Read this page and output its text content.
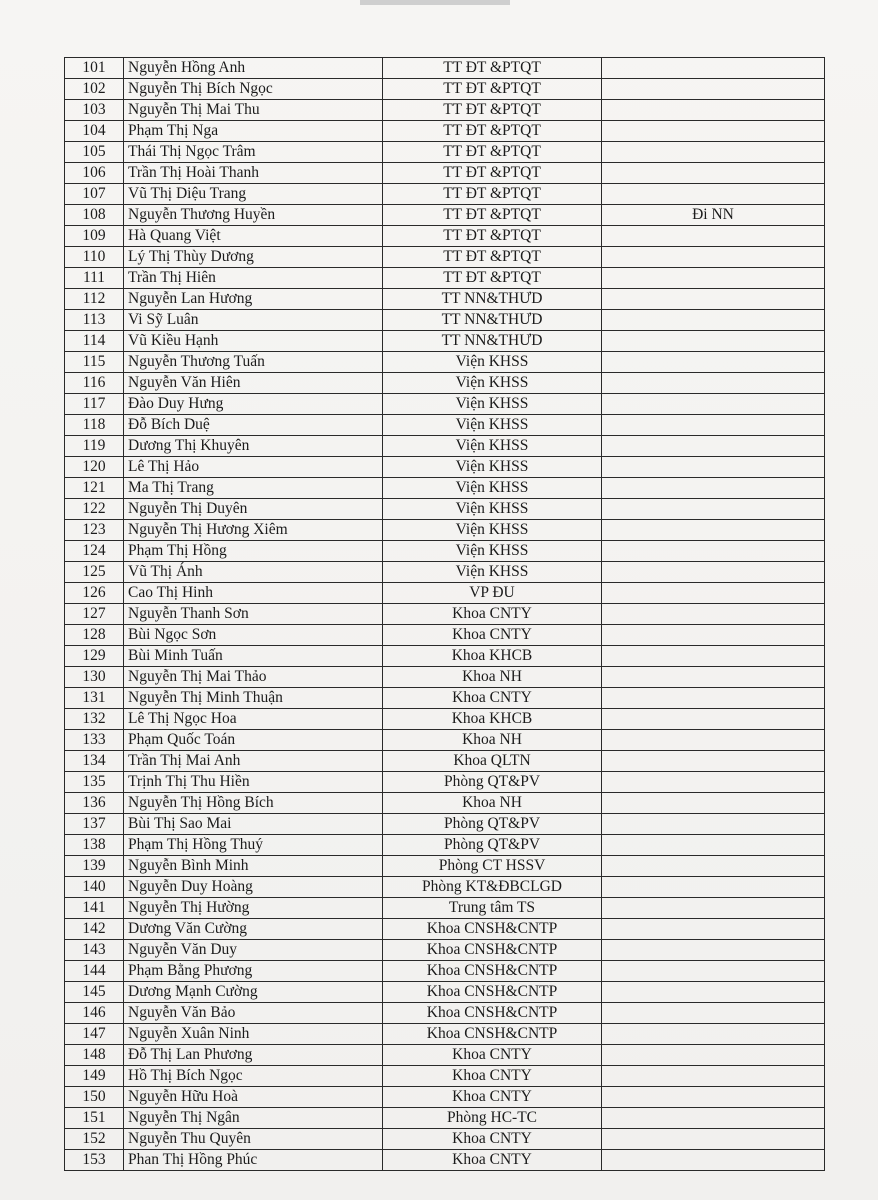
101	Nguyễn Hồng Anh	TT ĐT &PTQT	
102	Nguyễn Thị Bích Ngọc	TT ĐT &PTQT	
103	Nguyễn Thị Mai Thu	TT ĐT &PTQT	
104	Phạm Thị Nga	TT ĐT &PTQT	
105	Thái Thị Ngọc Trâm	TT ĐT &PTQT	
106	Trần Thị Hoài Thanh	TT ĐT &PTQT	
107	Vũ Thị Diệu Trang	TT ĐT &PTQT	
108	Nguyễn Thương Huyền	TT ĐT &PTQT	Đi NN
109	Hà Quang Việt	TT ĐT &PTQT	
110	Lý Thị Thùy Dương	TT ĐT &PTQT	
111	Trần Thị Hiên	TT ĐT &PTQT	
112	Nguyễn Lan Hương	TT NN&THƯD	
113	Vi Sỹ Luân	TT NN&THƯD	
114	Vũ Kiều Hạnh	TT NN&THƯD	
115	Nguyễn Thương Tuấn	Viện KHSS	
116	Nguyễn Văn Hiên	Viện KHSS	
117	Đào Duy Hưng	Viện KHSS	
118	Đỗ Bích Duệ	Viện KHSS	
119	Dương Thị Khuyên	Viện KHSS	
120	Lê Thị Hảo	Viện KHSS	
121	Ma Thị Trang	Viện KHSS	
122	Nguyễn Thị Duyên	Viện KHSS	
123	Nguyễn Thị Hương Xiêm	Viện KHSS	
124	Phạm Thị Hồng	Viện KHSS	
125	Vũ Thị Ánh	Viện KHSS	
126	Cao Thị Hinh	VP ĐU	
127	Nguyễn Thanh Sơn	Khoa CNTY	
128	Bùi Ngọc Sơn	Khoa CNTY	
129	Bùi Minh Tuấn	Khoa KHCB	
130	Nguyễn Thị Mai Thảo	Khoa NH	
131	Nguyễn Thị Minh Thuận	Khoa CNTY	
132	Lê Thị Ngọc Hoa	Khoa KHCB	
133	Phạm Quốc Toán	Khoa NH	
134	Trần Thị Mai Anh	Khoa QLTN	
135	Trịnh Thị Thu Hiền	Phòng QT&PV	
136	Nguyễn Thị Hồng Bích	Khoa NH	
137	Bùi Thị Sao Mai	Phòng QT&PV	
138	Phạm Thị Hồng Thuý	Phòng QT&PV	
139	Nguyễn Bình Minh	Phòng CT HSSV	
140	Nguyễn Duy Hoàng	Phòng KT&ĐBCLGD	
141	Nguyễn Thị Hường	Trung tâm TS	
142	Dương Văn Cường	Khoa CNSH&CNTP	
143	Nguyễn Văn Duy	Khoa CNSH&CNTP	
144	Phạm Bằng Phương	Khoa CNSH&CNTP	
145	Dương Mạnh Cường	Khoa CNSH&CNTP	
146	Nguyễn Văn Bảo	Khoa CNSH&CNTP	
147	Nguyễn Xuân Ninh	Khoa CNSH&CNTP	
148	Đỗ Thị Lan Phương	Khoa CNTY	
149	Hồ Thị Bích Ngọc	Khoa CNTY	
150	Nguyễn Hữu Hoà	Khoa CNTY	
151	Nguyễn Thị Ngân	Phòng HC-TC	
152	Nguyễn Thu Quyên	Khoa CNTY	
153	Phan Thị Hồng Phúc	Khoa CNTY	
